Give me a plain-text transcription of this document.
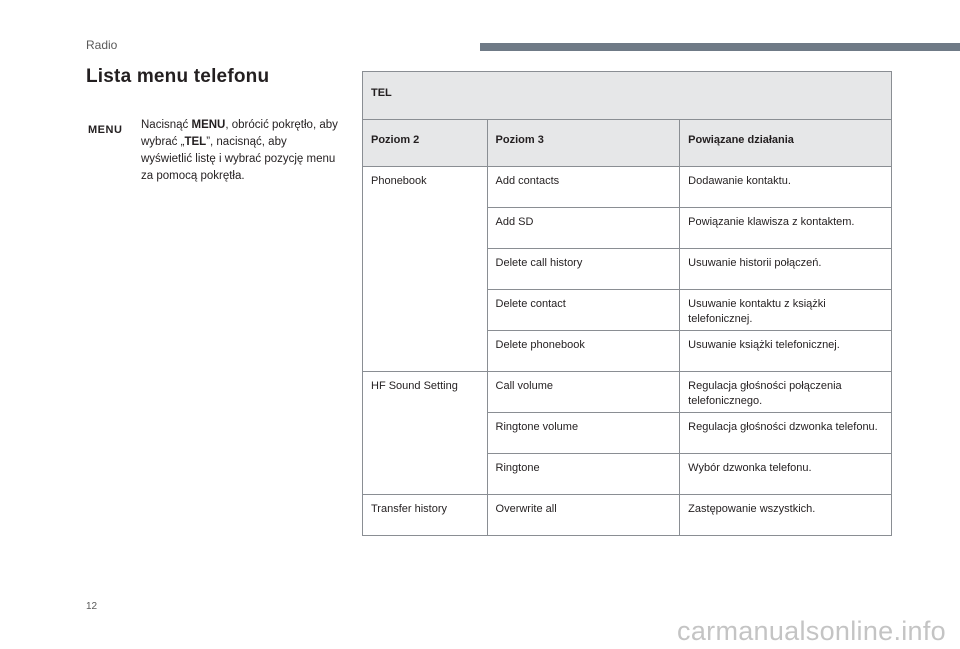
Radio
Lista menu telefonu
MENU Nacisnąć MENU, obrócić pokrętło, aby wybrać „TEL”, nacisnąć, aby wyświetlić listę i wybrać pozycję menu za pomocą pokrętła.

TEL		
Poziom 2	Poziom 3	Powiązane działania
Phonebook	Add contacts	Dodawanie kontaktu.
	Add SD	Powiązanie klawisza z kontaktem.
	Delete call history	Usuwanie historii połączeń.
	Delete contact	Usuwanie kontaktu z książki telefonicznej.
	Delete phonebook	Usuwanie książki telefonicznej.
HF Sound Setting	Call volume	Regulacja głośności połączenia telefonicznego.
	Ringtone volume	Regulacja głośności dzwonka telefonu.
	Ringtone	Wybór dzwonka telefonu.
Transfer history	Overwrite all	Zastępowanie wszystkich.
12
carmanualsonline.info
